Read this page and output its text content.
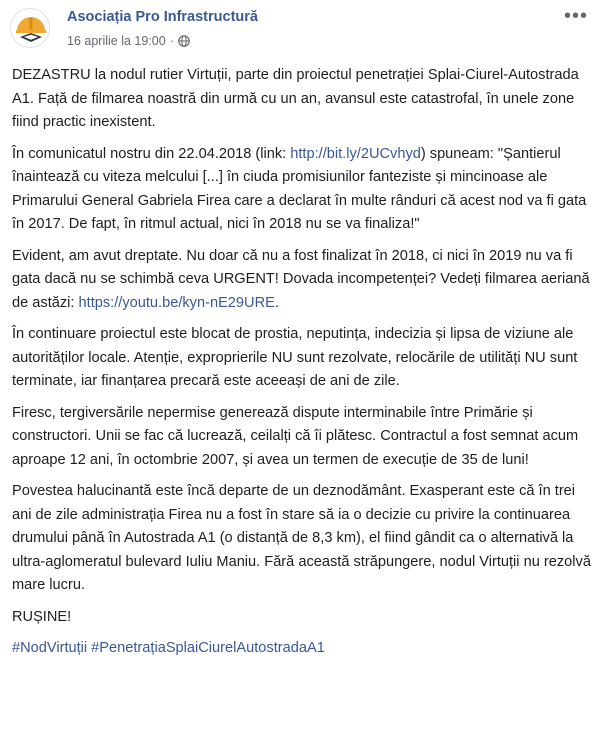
Asociația Pro Infrastructură
16 aprilie la 19:00 ·
•••

DEZASTRU la nodul rutier Virtuții, parte din proiectul penetrației Splai-Ciurel-Autostrada A1. Față de filmarea noastră din urmă cu un an, avansul este catastrofal, în unele zone fiind practic inexistent.

În comunicatul nostru din 22.04.2018 (link: http://bit.ly/2UCvhyd) spuneam: "Șantierul înaintează cu viteza melcului [...] în ciuda promisiunilor fanteziste și mincinoase ale Primarului General Gabriela Firea care a declarat în multe rânduri că acest nod va fi gata în 2017. De fapt, în ritmul actual, nici în 2018 nu se va finaliza!"

Evident, am avut dreptate. Nu doar că nu a fost finalizat în 2018, ci nici în 2019 nu va fi gata dacă nu se schimbă ceva URGENT! Dovada incompetenței? Vedeți filmarea aeriană de astăzi: https://youtu.be/kyn-nE29URE.

În continuare proiectul este blocat de prostia, neputința, indecizia și lipsa de viziune ale autorităților locale. Atenție, exproprierile NU sunt rezolvate, relocările de utilități NU sunt terminate, iar finanțarea precară este aceeași de ani de zile.

Firesc, tergiversările nepermise generează dispute interminabile între Primărie și constructori. Unii se fac că lucrează, ceilalți că îi plătesc. Contractul a fost semnat acum aproape 12 ani, în octombrie 2007, și avea un termen de execuție de 35 de luni!

Povestea halucinantă este încă departe de un deznodământ. Exasperant este că în trei ani de zile administrația Firea nu a fost în stare să ia o decizie cu privire la continuarea drumului până în Autostrada A1 (o distanță de 8,3 km), el fiind gândit ca o alternativă la ultra-aglomeratul bulevard Iuliu Maniu. Fără această străpungere, nodul Virtuții nu rezolvă mare lucru.

RUȘINE!

#NodVirtuții #PenetrațiaSplaiCiurelAutostradaA1
